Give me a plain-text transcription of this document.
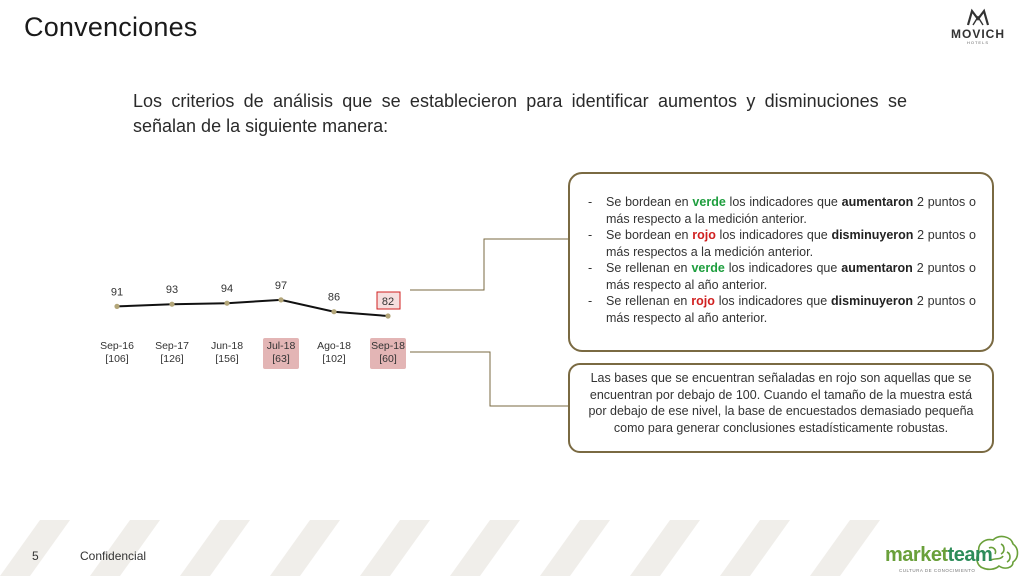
Convenciones	MOVICH
HOTELS
Los criterios de análisis que se establecieron para identificar aumentos y disminuciones se señalan de la siguiente manera:
91	93	94	97
86	82
Sep-16
[106]
Sep-17
[126]
Jun-18
[156]
Jul-18
[63]
Ago-18
[102]
Sep-18
[60]
- Se bordean en verde los indicadores que aumentaron 2 puntos o más respecto a la medición anterior.
- Se bordean en rojo los indicadores que disminuyeron 2 puntos o más respectos a la medición anterior.
- Se rellenan en verde los indicadores que aumentaron 2 puntos o más respecto al año anterior.
- Se rellenan en rojo los indicadores que disminuyeron 2 puntos o más respecto al año anterior.
Las bases que se encuentran señaladas en rojo son aquellas que se encuentran por debajo de 100. Cuando el tamaño de la muestra está por debajo de ese nivel, la base de encuestados demasiado pequeña como para generar conclusiones estadísticamente robustas.
5	Confidencial	marketteam
CULTURA DE CONOCIMIENTO
